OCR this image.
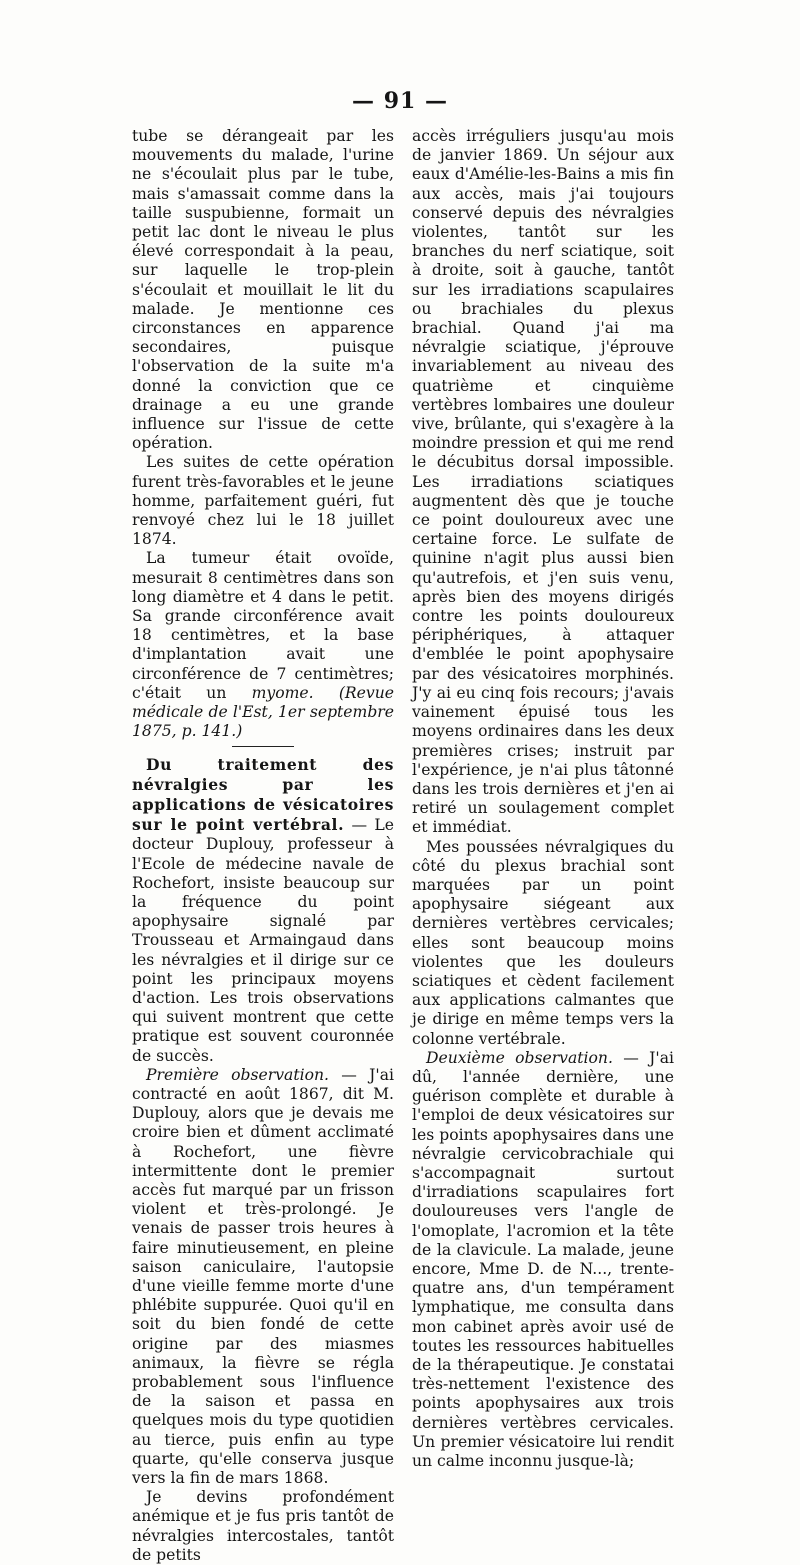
— 91 —

tube se dérangeait par les mouvements du malade, l'urine ne s'écoulait plus par le tube, mais s'amassait comme dans la taille suspubienne, formait un petit lac dont le niveau le plus élevé correspondait à la peau, sur laquelle le trop-plein s'écoulait et mouillait le lit du malade. Je mentionne ces circonstances en apparence secondaires, puisque l'observation de la suite m'a donné la conviction que ce drainage a eu une grande influence sur l'issue de cette opération.

Les suites de cette opération furent très-favorables et le jeune homme, parfaitement guéri, fut renvoyé chez lui le 18 juillet 1874.

La tumeur était ovoïde, mesurait 8 centimètres dans son long diamètre et 4 dans le petit. Sa grande circonférence avait 18 centimètres, et la base d'implantation avait une circonférence de 7 centimètres; c'était un myome. (Revue médicale de l'Est, 1er septembre 1875, p. 141.)

Du traitement des névralgies par les applications de vésicatoires sur le point vertébral. — Le docteur Duplouy, professeur à l'Ecole de médecine navale de Rochefort, insiste beaucoup sur la fréquence du point apophysaire signalé par Trousseau et Armaingaud dans les névralgies et il dirige sur ce point les principaux moyens d'action. Les trois observations qui suivent montrent que cette pratique est souvent couronnée de succès.

Première observation. — J'ai contracté en août 1867, dit M. Duplouy, alors que je devais me croire bien et dûment acclimaté à Rochefort, une fièvre intermittente dont le premier accès fut marqué par un frisson violent et très-prolongé. Je venais de passer trois heures à faire minutieusement, en pleine saison caniculaire, l'autopsie d'une vieille femme morte d'une phlébite suppurée. Quoi qu'il en soit du bien fondé de cette origine par des miasmes animaux, la fièvre se régla probablement sous l'influence de la saison et passa en quelques mois du type quotidien au tierce, puis enfin au type quarte, qu'elle conserva jusque vers la fin de mars 1868.

Je devins profondément anémique et je fus pris tantôt de névralgies intercostales, tantôt de petits

accès irréguliers jusqu'au mois de janvier 1869. Un séjour aux eaux d'Amélie-les-Bains a mis fin aux accès, mais j'ai toujours conservé depuis des névralgies violentes, tantôt sur les branches du nerf sciatique, soit à droite, soit à gauche, tantôt sur les irradiations scapulaires ou brachiales du plexus brachial. Quand j'ai ma névralgie sciatique, j'éprouve invariablement au niveau des quatrième et cinquième vertèbres lombaires une douleur vive, brûlante, qui s'exagère à la moindre pression et qui me rend le décubitus dorsal impossible. Les irradiations sciatiques augmentent dès que je touche ce point douloureux avec une certaine force. Le sulfate de quinine n'agit plus aussi bien qu'autrefois, et j'en suis venu, après bien des moyens dirigés contre les points douloureux périphériques, à attaquer d'emblée le point apophysaire par des vésicatoires morphinés. J'y ai eu cinq fois recours; j'avais vainement épuisé tous les moyens ordinaires dans les deux premières crises; instruit par l'expérience, je n'ai plus tâtonné dans les trois dernières et j'en ai retiré un soulagement complet et immédiat.

Mes poussées névralgiques du côté du plexus brachial sont marquées par un point apophysaire siégeant aux dernières vertèbres cervicales; elles sont beaucoup moins violentes que les douleurs sciatiques et cèdent facilement aux applications calmantes que je dirige en même temps vers la colonne vertébrale.

Deuxième observation. — J'ai dû, l'année dernière, une guérison complète et durable à l'emploi de deux vésicatoires sur les points apophysaires dans une névralgie cervicobrachiale qui s'accompagnait surtout d'irradiations scapulaires fort douloureuses vers l'angle de l'omoplate, l'acromion et la tête de la clavicule. La malade, jeune encore, Mme D. de N..., trente-quatre ans, d'un tempérament lymphatique, me consulta dans mon cabinet après avoir usé de toutes les ressources habituelles de la thérapeutique. Je constatai très-nettement l'existence des points apophysaires aux trois dernières vertèbres cervicales. Un premier vésicatoire lui rendit un calme inconnu jusque-là;
